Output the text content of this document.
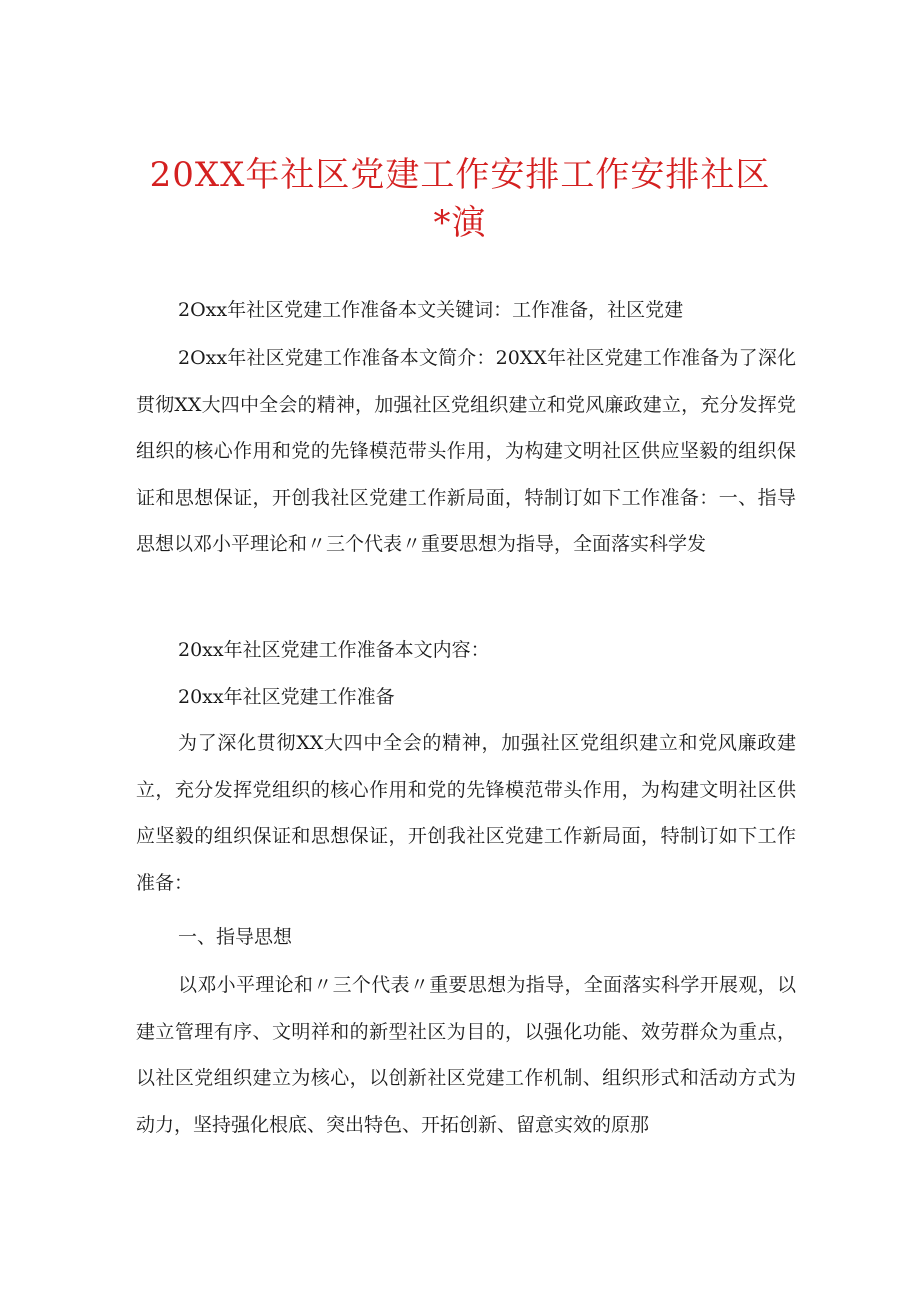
20XX年社区党建工作安排工作安排社区
*演

2Oxx年社区党建工作准备本文关键词：工作准备，社区党建

2Oxx年社区党建工作准备本文简介：20XX年社区党建工作准备为了深化贯彻XX大四中全会的精神，加强社区党组织建立和党风廉政建立，充分发挥党组织的核心作用和党的先锋模范带头作用，为构建文明社区供应坚毅的组织保证和思想保证，开创我社区党建工作新局面，特制订如下工作准备：一、指导思想以邓小平理论和〃三个代表〃重要思想为指导，全面落实科学发

20xx年社区党建工作准备本文内容：

20xx年社区党建工作准备

为了深化贯彻XX大四中全会的精神，加强社区党组织建立和党风廉政建立，充分发挥党组织的核心作用和党的先锋模范带头作用，为构建文明社区供应坚毅的组织保证和思想保证，开创我社区党建工作新局面，特制订如下工作准备：

一、指导思想

以邓小平理论和〃三个代表〃重要思想为指导，全面落实科学开展观，以建立管理有序、文明祥和的新型社区为目的，以强化功能、效劳群众为重点，以社区党组织建立为核心，以创新社区党建工作机制、组织形式和活动方式为动力，坚持强化根底、突出特色、开拓创新、留意实效的原那
